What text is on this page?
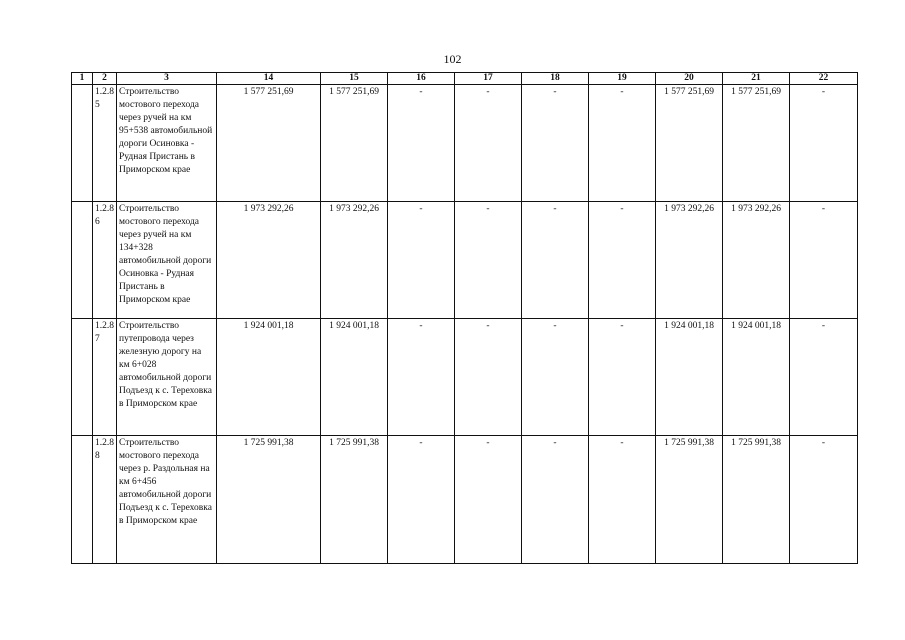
102
1	2	3	14	15	16	17	18	19	20	21	22
	1.2.8 5	Строительство мостового перехода через ручей на км 95+538 автомобильной дороги Осиновка - Рудная Пристань в Приморском крае	1 577 251,69	1 577 251,69	-	-	-	-	1 577 251,69	1 577 251,69	-
	1.2.8 6	Строительство мостового перехода через ручей на км 134+328 автомобильной дороги Осиновка - Рудная Пристань в Приморском крае	1 973 292,26	1 973 292,26	-	-	-	-	1 973 292,26	1 973 292,26	-
	1.2.8 7	Строительство путепровода через железную дорогу на км 6+028 автомобильной дороги Подъезд к с. Тереховка в Приморском крае	1 924 001,18	1 924 001,18	-	-	-	-	1 924 001,18	1 924 001,18	-
	1.2.8 8	Строительство мостового перехода через р. Раздольная на км 6+456 автомобильной дороги Подъезд к с. Тереховка в Приморском крае	1 725 991,38	1 725 991,38	-	-	-	-	1 725 991,38	1 725 991,38	-
